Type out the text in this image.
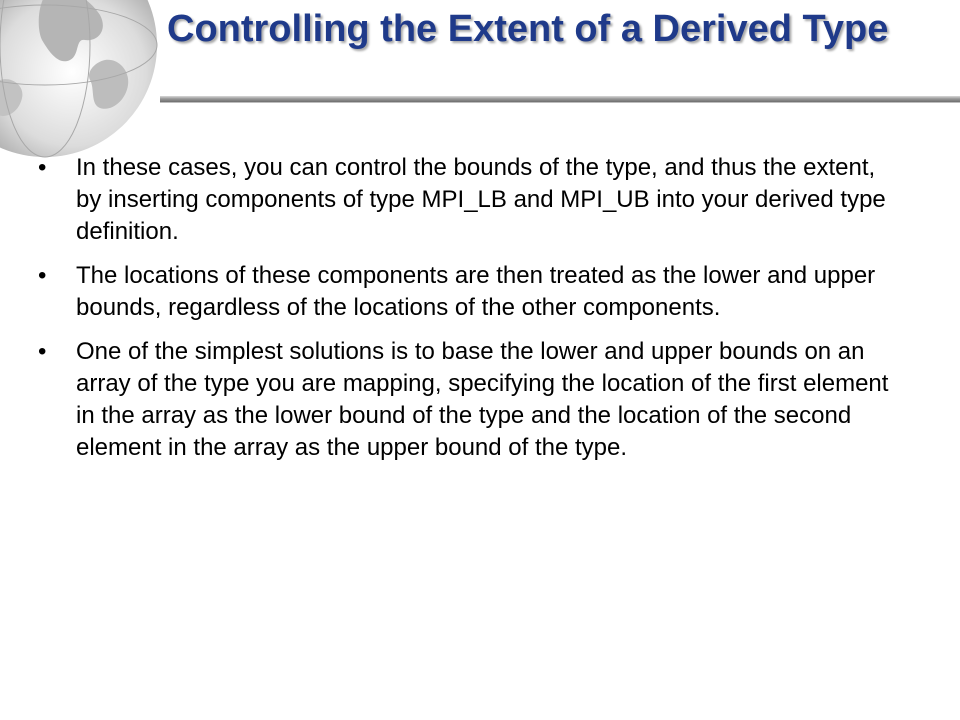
Controlling the Extent of a Derived Type
• In these cases, you can control the bounds of the type, and thus the extent, by inserting components of type MPI_LB and MPI_UB into your derived type definition.
• The locations of these components are then treated as the lower and upper bounds, regardless of the locations of the other components.
• One of the simplest solutions is to base the lower and upper bounds on an array of the type you are mapping, specifying the location of the first element in the array as the lower bound of the type and the location of the second element in the array as the upper bound of the type.
